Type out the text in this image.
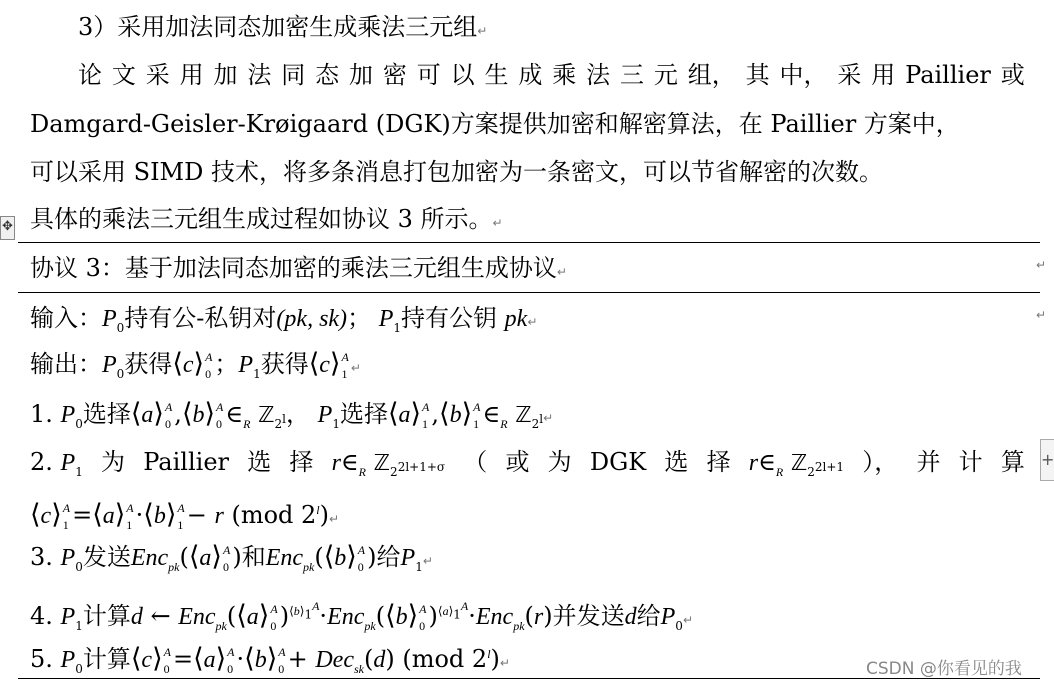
✥
+
3）采用加法同态加密生成乘法三元组↵
论 文 采 用 加 法 同 态 加 密 可 以 生 成 乘 法 三 元 组， 其 中， 采 用 Paillier 或
Damgard-Geisler-Krøigaard (DGK)方案提供加密和解密算法，在 Paillier 方案中，
可以采用 SIMD 技术，将多条消息打包加密为一条密文，可以节省解密的次数。
具体的乘法三元组生成过程如协议 3 所示。↵
协议 3：基于加法同态加密的乘法三元组生成协议↵	↵
输入：$P_0$持有公-私钥对(pk, sk)； $P_1$持有公钥 pk↵	↵
输出：$P_0$获得⟨c⟩ A
0 ；$P_1$获得⟨c⟩ A
1 ↵
1. $P_0$选择⟨a⟩ A
0 ,⟨b⟩ A
0 $\in_R$ ℤ$_{2^l}$， $P_1$选择⟨a⟩ A
1 ,⟨b⟩ A
1 $\in_R$ ℤ$_{2^l}$↵
2. $P_1$ 为 Paillier 选 择 $r\in_R$ ℤ$_{2^{2l+1+\sigma}}$ （ 或 为 DGK 选 择 $r\in_R$ ℤ$_{2^{2l+1}}$ ）， 并 计 算
⟨c⟩ A
1 =⟨a⟩ A
1 ·⟨b⟩ A
1 − r (mod 2$^l$)↵
3. $P_0$发送Enc$_{pk}$(⟨a⟩ A
0 )和Enc$_{pk}$(⟨b⟩ A
0 )给$P_1↵$
4. $P_1$计算d ← Enc$_{pk}$(⟨a⟩ A
0 )$^{⟨b⟩_1^A}$·Enc$_{pk}$(⟨b⟩ A
0 )$^{⟨a⟩_1^A}$·Enc$_{pk}$(r)并发送d给$P_0↵$
5. $P_0$计算⟨c⟩ A
0 =⟨a⟩ A
0 ·⟨b⟩ A
0 + Dec$_{sk}$(d) (mod 2$^l$)↵	CSDN @你看见的我
